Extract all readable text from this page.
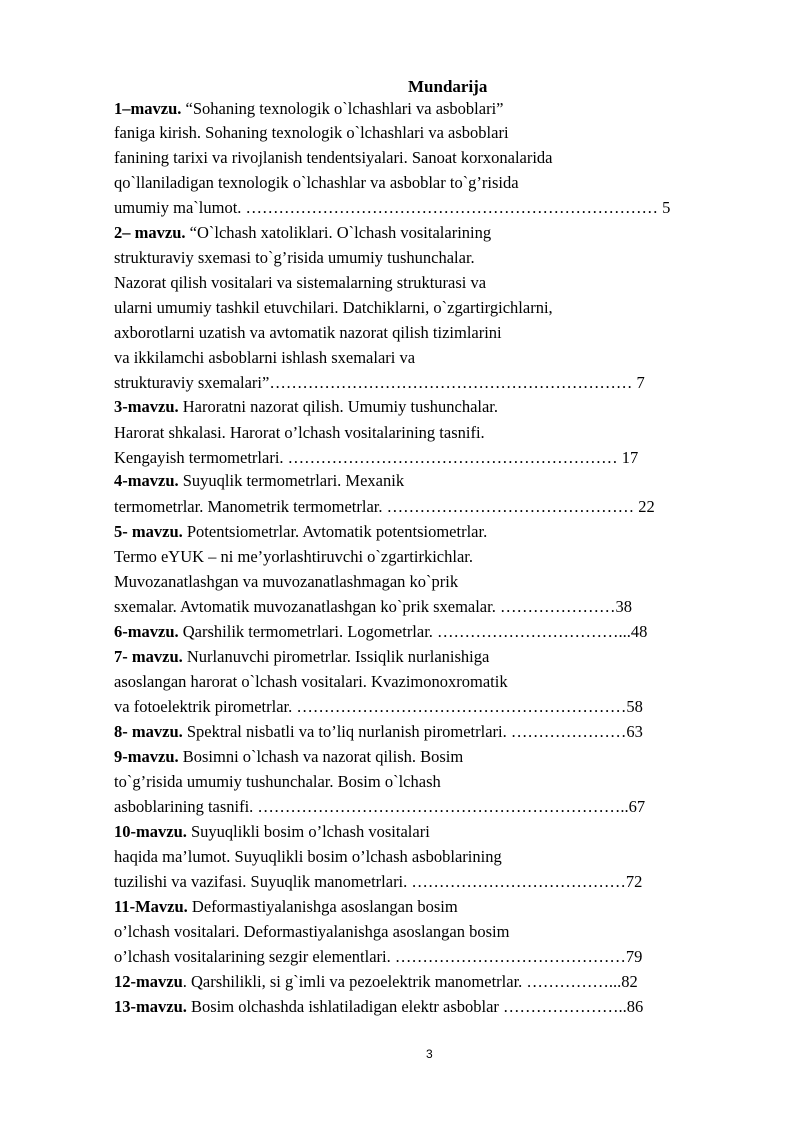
Mundarija
1–mavzu. “Sohaning texnologik o`lchashlari va asboblari”
faniga kirish. Sohaning texnologik o`lchashlari va asboblari
fanining tarixi va rivojlanish tendentsiyalari. Sanoat korxonalarida
qo`llaniladigan texnologik o`lchashlar va asboblar to`g’risida
umumiy ma`lumot. ………………………………………………………………… 5
2– mavzu. “O`lchash xatoliklari. O`lchash vositalarining
strukturaviy sxemasi to`g’risida umumiy tushunchalar.
Nazorat qilish vositalari va sistemalarning strukturasi va
ularni umumiy tashkil etuvchilari. Datchiklarni, o`zgartirgichlarni,
axborotlarni uzatish va avtomatik nazorat qilish tizimlarini
va ikkilamchi asboblarni ishlash sxemalari va
strukturaviy sxemalari”………………………………………………………… 7
3-mavzu. Haroratni nazorat qilish. Umumiy tushunchalar.
Harorat shkalasi. Harorat o’lchash vositalarining tasnifi.
Kengayish termometrlari. …………………………………………………… 17
4-mavzu. Suyuqlik termometrlari. Mexanik
termometrlar. Manometrik termometrlar. ……………………………………… 22
5- mavzu. Potentsiometrlar. Avtomatik potentsiometrlar.
Termo eYUK – ni me’yorlashtiruvchi o`zgartirkichlar.
Muvozanatlashgan va muvozanatlashmagan ko`prik
sxemalar. Avtomatik muvozanatlashgan ko`prik sxemalar. …………………38
6-mavzu. Qarshilik termometrlari. Logometrlar. ……………………………...48
7- mavzu. Nurlanuvchi pirometrlar. Issiqlik nurlanishiga
asoslangan harorat o`lchash vositalari. Kvazimonoxromatik
va fotoelektrik pirometrlar. ……………………………………………………58
8- mavzu. Spektral nisbatli va to’liq nurlanish pirometrlari. …………………63
9-mavzu. Bosimni o`lchash va nazorat qilish. Bosim
to`g’risida umumiy tushunchalar. Bosim o`lchash
asboblarining tasnifi. …………………………………………………………..67
10-mavzu. Suyuqlikli bosim o’lchash vositalari
haqida ma’lumot. Suyuqlikli bosim o’lchash asboblarining
tuzilishi va vazifasi. Suyuqlik manometrlari. …………………………………72
11-Mavzu. Deformastiyalanishga asoslangan bosim
o’lchash vositalari. Deformastiyalanishga asoslangan bosim
o’lchash vositalarining sezgir elementlari. ……………………………………79
12-mavzu. Qarshilikli, si g`imli va pezoelektrik manometrlar. ……………...82
13-mavzu. Bosim olchashda ishlatiladigan elektr asboblar …………………..86
3
